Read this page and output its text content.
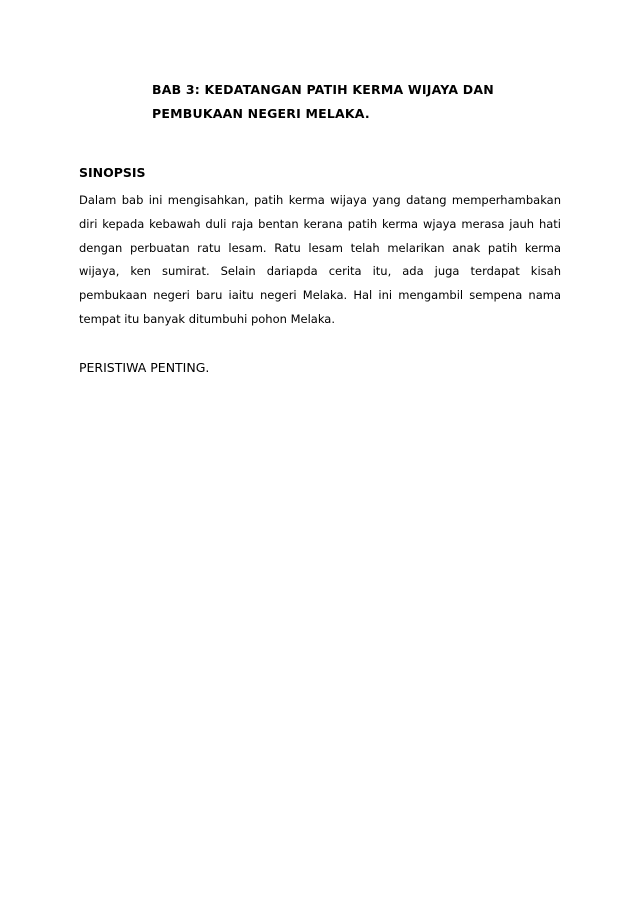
BAB 3: KEDATANGAN PATIH KERMA WIJAYA DAN
PEMBUKAAN NEGERI MELAKA.
SINOPSIS
Dalam bab ini mengisahkan, patih kerma wijaya yang datang memperhambakan
diri kepada kebawah duli raja bentan kerana patih kerma wjaya merasa jauh hati
dengan perbuatan ratu lesam. Ratu lesam telah melarikan anak patih kerma
wijaya, ken sumirat. Selain dariapda cerita itu, ada juga terdapat kisah
pembukaan negeri baru iaitu negeri Melaka. Hal ini mengambil sempena nama
tempat itu banyak ditumbuhi pohon Melaka.
PERISTIWA PENTING.
